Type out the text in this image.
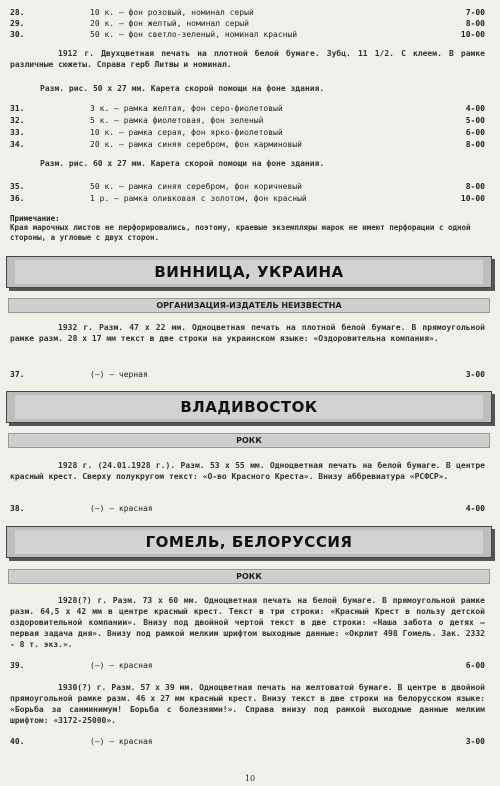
28.	10 к. – фон розовый, номинал серый	7-00
29.	20 к. – фон желтый, номинал серый	8-00
30.	50 к. – фон светло-зеленый, номинал красный	10-00
1912 г. Двухцветная печать на плотной белой бумаге. Зубц. 11 1/2. С клеем. В рамке различные сюжеты. Справа герб Литвы и номинал.
Разм. рис. 50 х 27 мм. Карета скорой помощи на фоне здания.
31.	3 к. – рамка желтая, фон серо-фиолетовый	4-00
32.	5 к. – рамка фиолетовая, фон зеленый	5-00
33.	10 к. – рамка серая, фон ярко-фиолетовый	6-00
34.	20 к. – рамка синяя серебром, фон карминовый	8-00
Разм. рис. 60 х 27 мм. Карета скорой помощи на фоне здания.
35.	50 к. – рамка синяя серебром, фон коричневый	8-00
36.	1 р. – рамка оливковая с золотом, фон красный	10-00
Примечание:
Края марочных листов не перфорировались, поэтому, краевые экземпляры марок не имеют перфорации с одной стороны, а угловые с двух сторон.
ВИННИЦА, УКРАИНА
ОРГАНИЗАЦИЯ-ИЗДАТЕЛЬ НЕИЗВЕСТНА
1932 г. Разм. 47 х 22 мм. Одноцветная печать на плотной белой бумаге. В прямоугольной рамке разм. 28 х 17 мм текст в две строки на украинском языке: «Оздоровительна компания».
37.	(–) – черная	3-00
ВЛАДИВОСТОК
РОКК
1928 г. (24.01.1928 г.). Разм. 53 х 55 мм. Одноцветная печать на белой бумаге. В центре красный крест. Сверху полукругом текст: «О-во Красного Креста». Внизу аббревиатура «РСФСР».
38.	(–) – красная	4-00
ГОМЕЛЬ, БЕЛОРУССИЯ
РОКК
1928(?) г. Разм. 73 х 60 мм. Одноцветная печать на белой бумаге. В прямоугольной рамке разм. 64,5 х 42 мм в центре красный крест. Текст в три строки: «Красный Крест в пользу детской оздоровительной компании». Внизу под двойной чертой текст в две строки: «Наша забота о детях – первая задача дня». Внизу под рамкой мелким шрифтом выходные данные: «Окрлит 498 Гомель. Зак. 2332 - 8 т. экз.».
39.	(–) – красная	6-00
1930(?) г. Разм. 57 х 39 мм. Одноцветная печать на желтоватой бумаге. В центре в двойной прямоугольной рамке разм. 46 х 27 мм красный крест. Внизу текст в две строки на белорусском языке: «Борьба за санминимум! Борьба с болезнями!». Справа внизу под рамкой выходные данные мелким шрифтом: «3172-25000».
40.	(–) – красная	3-00
10
